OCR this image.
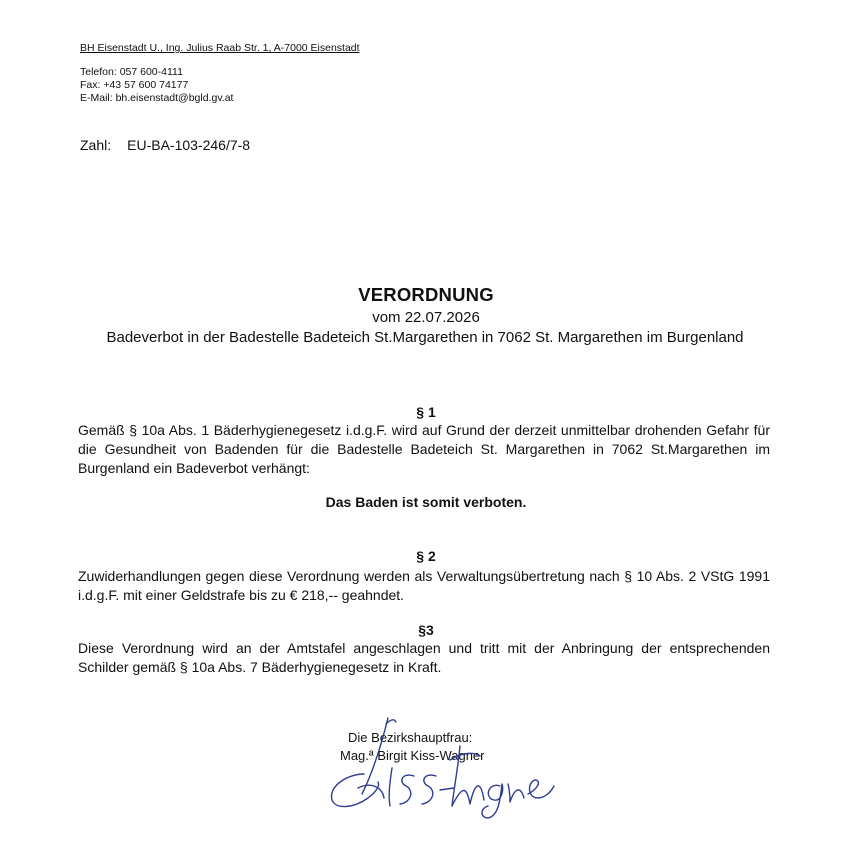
BH Eisenstadt U., Ing. Julius Raab Str. 1, A-7000 Eisenstadt
Telefon: 057 600-4111
Fax: +43 57 600 74177
E-Mail: bh.eisenstadt@bgld.gv.at
Zahl: EU-BA-103-246/7-8
VERORDNUNG
vom 22.07.2026
Badeverbot in der Badestelle Badeteich St.Margarethen in 7062 St. Margarethen im Burgenland
§ 1
Gemäß § 10a Abs. 1 Bäderhygienegesetz i.d.g.F. wird auf Grund der derzeit unmittelbar drohenden Gefahr für die Gesundheit von Badenden für die Badestelle Badeteich St. Margarethen in 7062 St.Margarethen im Burgenland ein Badeverbot verhängt:
Das Baden ist somit verboten.
§ 2
Zuwiderhandlungen gegen diese Verordnung werden als Verwaltungsübertretung nach § 10 Abs. 2 VStG 1991 i.d.g.F. mit einer Geldstrafe bis zu € 218,-- geahndet.
§3
Diese Verordnung wird an der Amtstafel angeschlagen und tritt mit der Anbringung der entsprechenden Schilder gemäß § 10a Abs. 7 Bäderhygienegesetz in Kraft.
Die Bezirkshauptfrau:
Mag.ª Birgit Kiss-Wagner
